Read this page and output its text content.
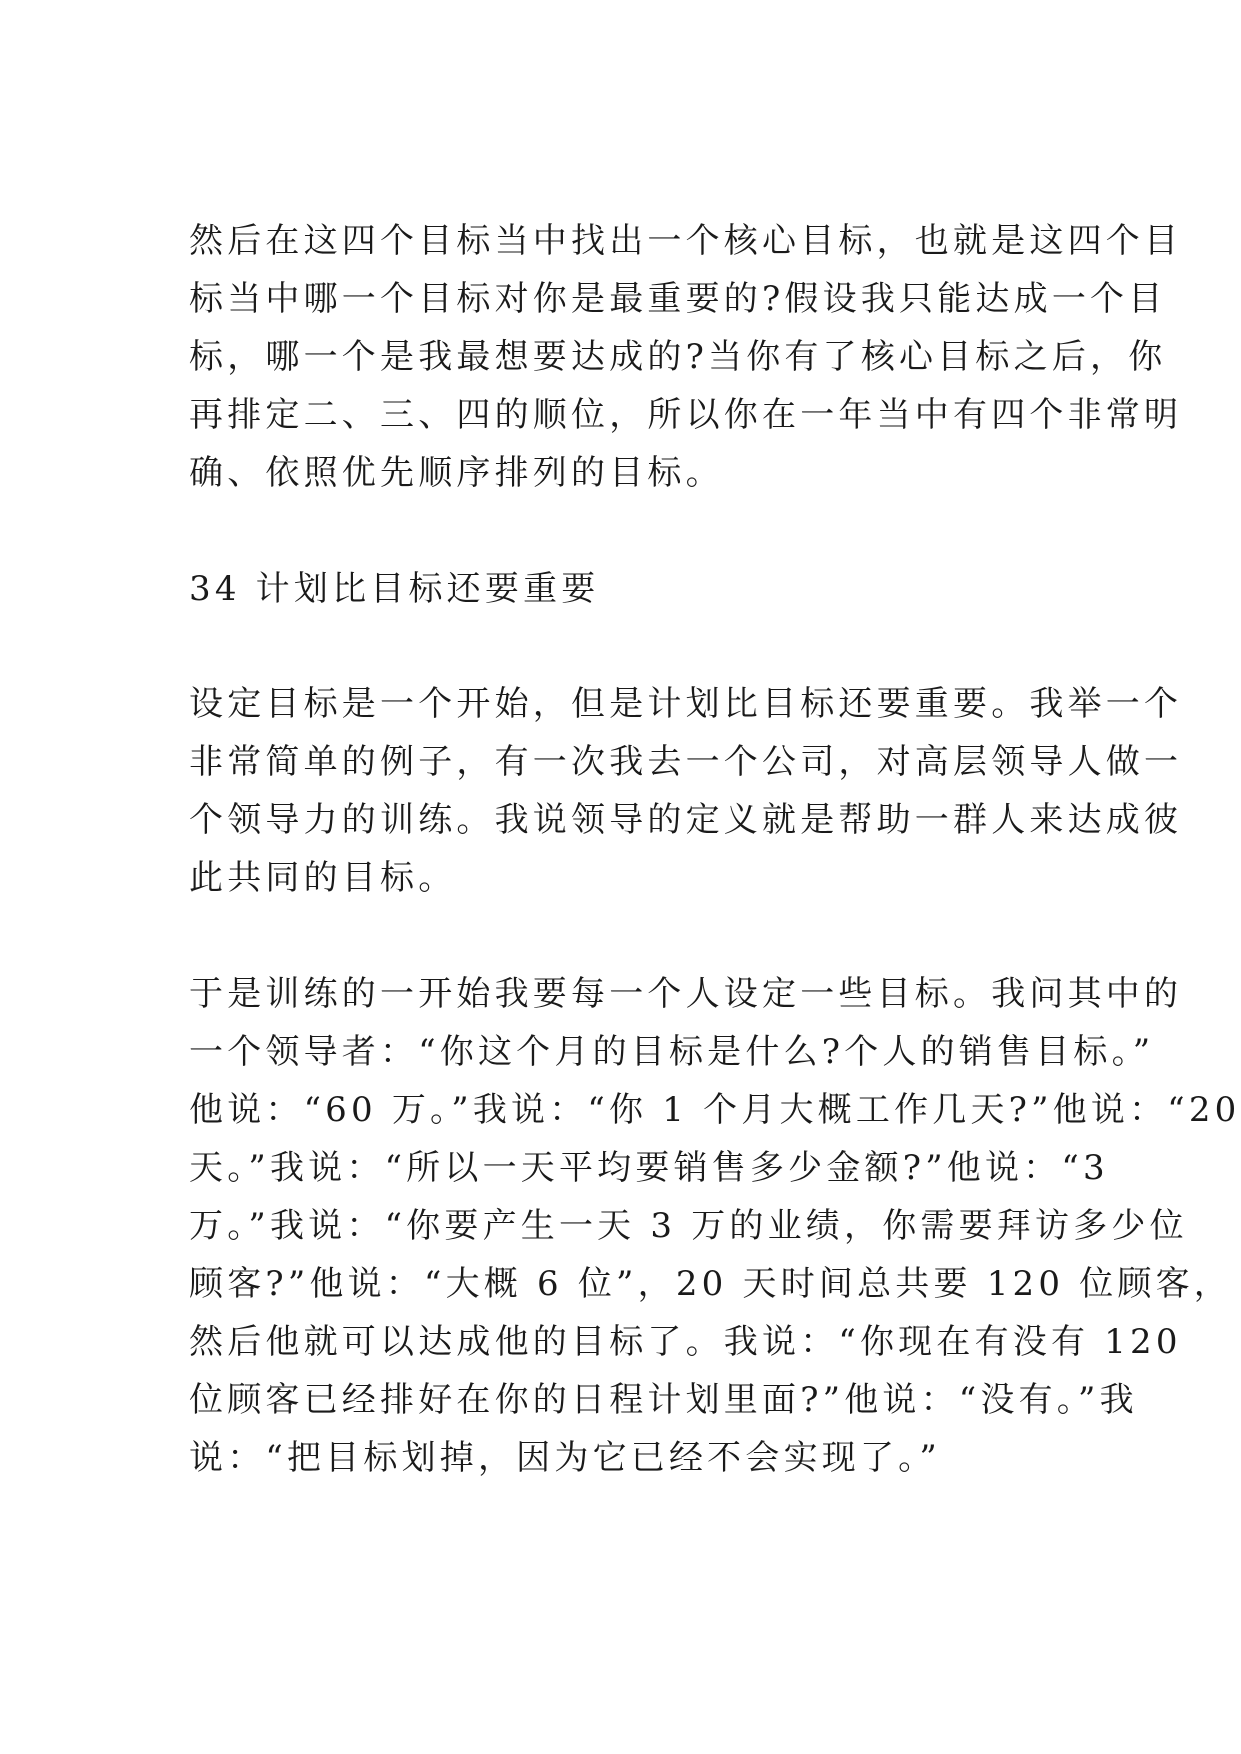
然后在这四个目标当中找出一个核心目标，也就是这四个目
标当中哪一个目标对你是最重要的?假设我只能达成一个目
标，哪一个是我最想要达成的?当你有了核心目标之后，你
再排定二、三、四的顺位，所以你在一年当中有四个非常明
确、依照优先顺序排列的目标。
34 计划比目标还要重要
设定目标是一个开始，但是计划比目标还要重要。我举一个
非常简单的例子，有一次我去一个公司，对高层领导人做一
个领导力的训练。我说领导的定义就是帮助一群人来达成彼
此共同的目标。
于是训练的一开始我要每一个人设定一些目标。我问其中的
一个领导者：“你这个月的目标是什么?个人的销售目标。”
他说：“60 万。”我说：“你 1 个月大概工作几天?”他说：“20
天。”我说：“所以一天平均要销售多少金额?”他说：“3
万。”我说：“你要产生一天 3 万的业绩，你需要拜访多少位
顾客?”他说：“大概 6 位”，20 天时间总共要 120 位顾客，
然后他就可以达成他的目标了。我说：“你现在有没有 120
位顾客已经排好在你的日程计划里面?”他说：“没有。”我
说：“把目标划掉，因为它已经不会实现了。”
